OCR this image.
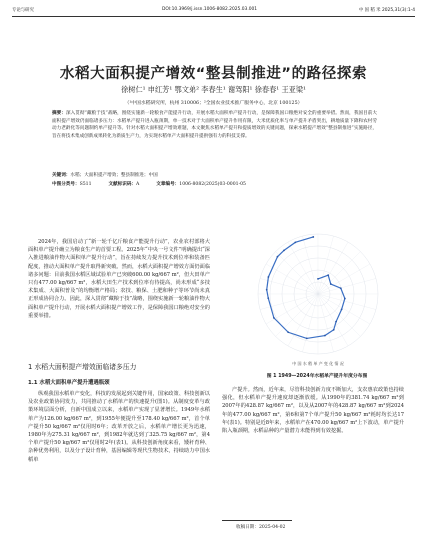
专论与研究	DOI:10.3969/j.issn.1006-8082.2025.03.001	中 国 稻 米 2025,31(3):1-4
水稻大面积提产增效“整县制推进”的路径探索
徐树仁¹ 申红芳¹ 鄂文弟² 李春生¹ 谢驾阳¹ 徐春春¹ 王亚梁¹
（¹中国水稻研究所，杭州 310006；²全国农业技术推广服务中心，北京 100125）
摘要：深入贯彻“藏粮于技”战略，围绕实施新一轮粮食产能提升行动，开展水稻大面积单产提升行动，是保障我国口粮绝对安全的重要举措。然而，我国目前大面积提产增效仍面临诸多压力：水稻单产提升进入瓶颈期，单一技术对于大面积单产提升作用有限，大米优质化率与单产提升矛盾突出，耕地质量下降和农村劳动力老龄化等问题制约单产提升等。针对水稻大面积提产增效难题，本文聚焦水稻单产提升和提质增效的关键问题，探索水稻提产增效“整县制推进”实施路径，旨在将技术集成创新成果转化为新质生产力，为实现水稻单产大面积提升提供强有力的科技支撑。
关键词：水稻；大面积提产增效；整县制推进；中国
中图分类号：S511	文献标识码：A	文章编号：1006-8082(2025)03-0001-05

2024年，我国启动了“新一轮千亿斤粮食产能提升行动”，农业农村部将大面积单产提升确立为粮食生产的首要工程。2025年“中央一号文件”明确提出“深入推进粮油作物大面积单产提升行动”，旨在持续发力提升技术到位率和装备匹配度，推动大面积单产提升取得新突破。然而，水稻大面积提产增效方面仍面临诸多问题：目前我国水稻区域试验单产已突破600.00 kg/667 m²，但大田单产只有477.00 kg/667 m²，水稻大田生产技术到位率有待提高，尚未形成“多技术集成、大面积普及”的均衡增产格局；农技、粮保、土肥和种子等环节尚未真正形成协同合力。因此，深入贯彻“藏粮于技”战略，围绕实施新一轮粮油作物大面积单产提升行动，开展水稻大面积提产增效工作，是保障我国口粮绝对安全的重要举措。

1 水稻大面积提产增效面临诸多压力
1.1 水稻大面积单产提升遭遇瓶颈

纵观我国水稻单产变化，科技的发展起到关键作用，国家政策、科技创新以及农业政策协同发力，共同推动了水稻单产的快速提升(图1)。从制度变革与政策环境层面分析，自新中国成立以来，水稻单产实现了显著增长。1949年水稻单产为126.00 kg/667 m²，到1955年便提升至178.40 kg/667 m²，首个单产提升50 kg/667 m²仅用时6年；改革开放之后，水稻单产增长更为迅速，1980年为275.31 kg/667 m²，到1982年就达到了325.75 kg/667 m²，第4个单产提升50 kg/667 m²仅用时2年(表1)。从科技创新角度来看，矮秆育种、杂种优势利用，以及分子设计育种，基因编辑等现代生物技术，持续助力中国水稻单

中 国 水 稻 单 产 变 化 情 况
图 1 1949—2024年水稻单产提升年度分布图

产提升。然而，近年来，尽管科技创新力度不断加大，支农惠农政策也持续强化，但水稻单产提升速度却逐渐放缓。从1990年的381.74 kg/667 m²到2007年的428.87 kg/667 m²，以及从2007年的428.87 kg/667 m²到2024年的477.00 kg/667 m²，第6和第7个单产提升50 kg/667 m²耗时均长达17年(表1)。特别是近8年来，水稻单产在470.00 kg/667 m²上下波动，单产提升陷入瓶颈期，水稻品种的产量潜力未能得到有效挖掘。

收稿日期：2025-04-02
